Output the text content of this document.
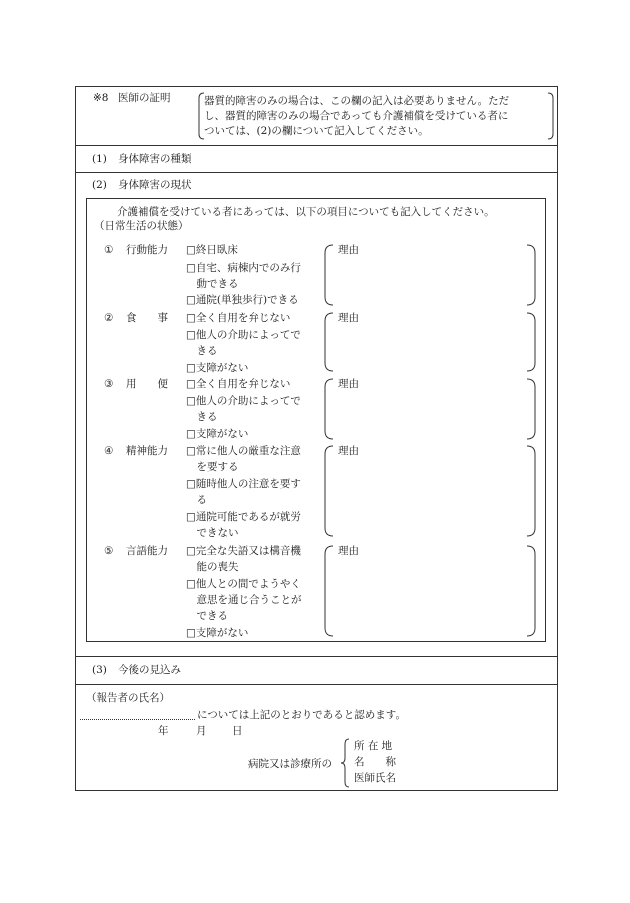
※8 医師の証明	器質的障害のみの場合は、この欄の記入は必要ありません。ただ
し、器質的障害のみの場合であっても介護補償を受けている者に
ついては、(2)の欄について記入してください。
(1) 身体障害の種類
(2) 身体障害の現状
介護補償を受けている者にあっては、以下の項目についても記入してください。
（日常生活の状態）
① 行動能力 □終日臥床
□自宅、病棟内でのみ行
　動できる
□通院(単独歩行)できる
理由
② 食　　事 □全く自用を弁じない
□他人の介助によってで
　きる
□支障がない
理由
③ 用　　便 □全く自用を弁じない
□他人の介助によってで
　きる
□支障がない
理由
④ 精神能力 □常に他人の厳重な注意
　を要する
□随時他人の注意を要す
　る
□通院可能であるが就労
　できない
理由
⑤ 言語能力 □完全な失語又は構音機
　能の喪失
□他人との間でようやく
　意思を通じ合うことが
　できる
□支障がない
理由
(3) 今後の見込み
（報告者の氏名）
については上記のとおりであると認めます。
年	月 日
病院又は診療所の
所 在 地
名　　称
医師氏名
